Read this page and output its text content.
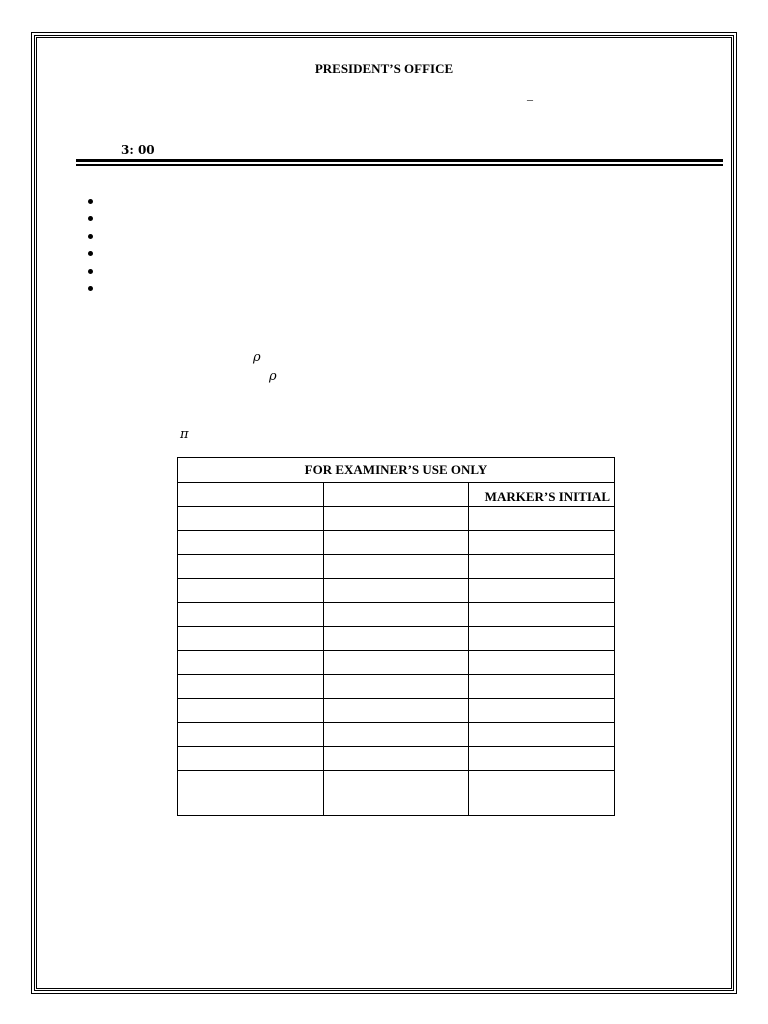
PRESIDENT’S OFFICE
–
3: 00
ρ
ρ
π
FOR EXAMINER’S USE ONLY		
		MARKER’S INITIAL
